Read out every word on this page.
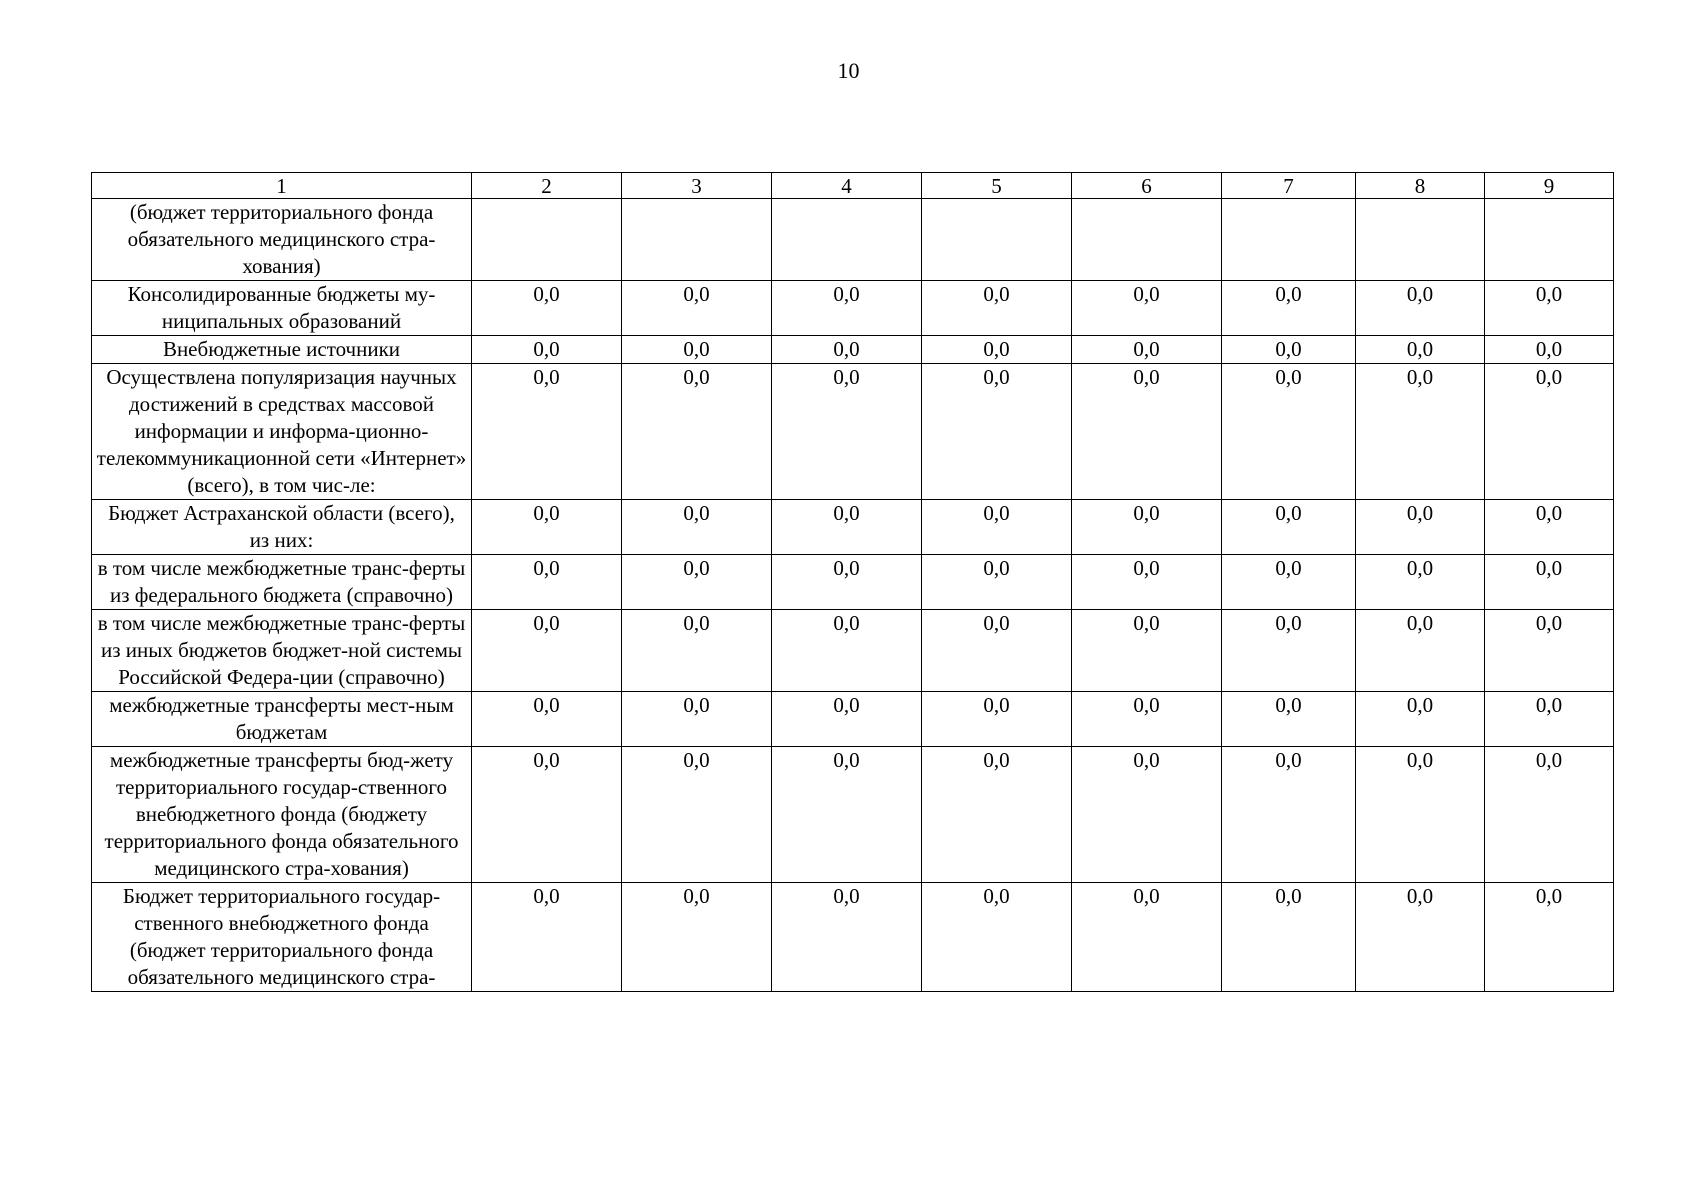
10
1	2	3	4	5	6	7	8	9
(бюджет территориального фонда обязательного медицинского стра-хования)								
Консолидированные бюджеты му-ниципальных образований	0,0	0,0	0,0	0,0	0,0	0,0	0,0	0,0
Внебюджетные источники	0,0	0,0	0,0	0,0	0,0	0,0	0,0	0,0
Осуществлена популяризация научных достижений в средствах массовой информации и информа-ционно-телекоммуникационной сети «Интернет» (всего), в том чис-ле:	0,0	0,0	0,0	0,0	0,0	0,0	0,0	0,0
Бюджет Астраханской области (всего), из них:	0,0	0,0	0,0	0,0	0,0	0,0	0,0	0,0
в том числе межбюджетные транс-ферты из федерального бюджета (справочно)	0,0	0,0	0,0	0,0	0,0	0,0	0,0	0,0
в том числе межбюджетные транс-ферты из иных бюджетов бюджет-ной системы Российской Федера-ции (справочно)	0,0	0,0	0,0	0,0	0,0	0,0	0,0	0,0
межбюджетные трансферты мест-ным бюджетам	0,0	0,0	0,0	0,0	0,0	0,0	0,0	0,0
межбюджетные трансферты бюд-жету территориального государ-ственного внебюджетного фонда (бюджету территориального фонда обязательного медицинского стра-хования)	0,0	0,0	0,0	0,0	0,0	0,0	0,0	0,0
Бюджет территориального государ-ственного внебюджетного фонда (бюджет территориального фонда обязательного медицинского стра-	0,0	0,0	0,0	0,0	0,0	0,0	0,0	0,0
